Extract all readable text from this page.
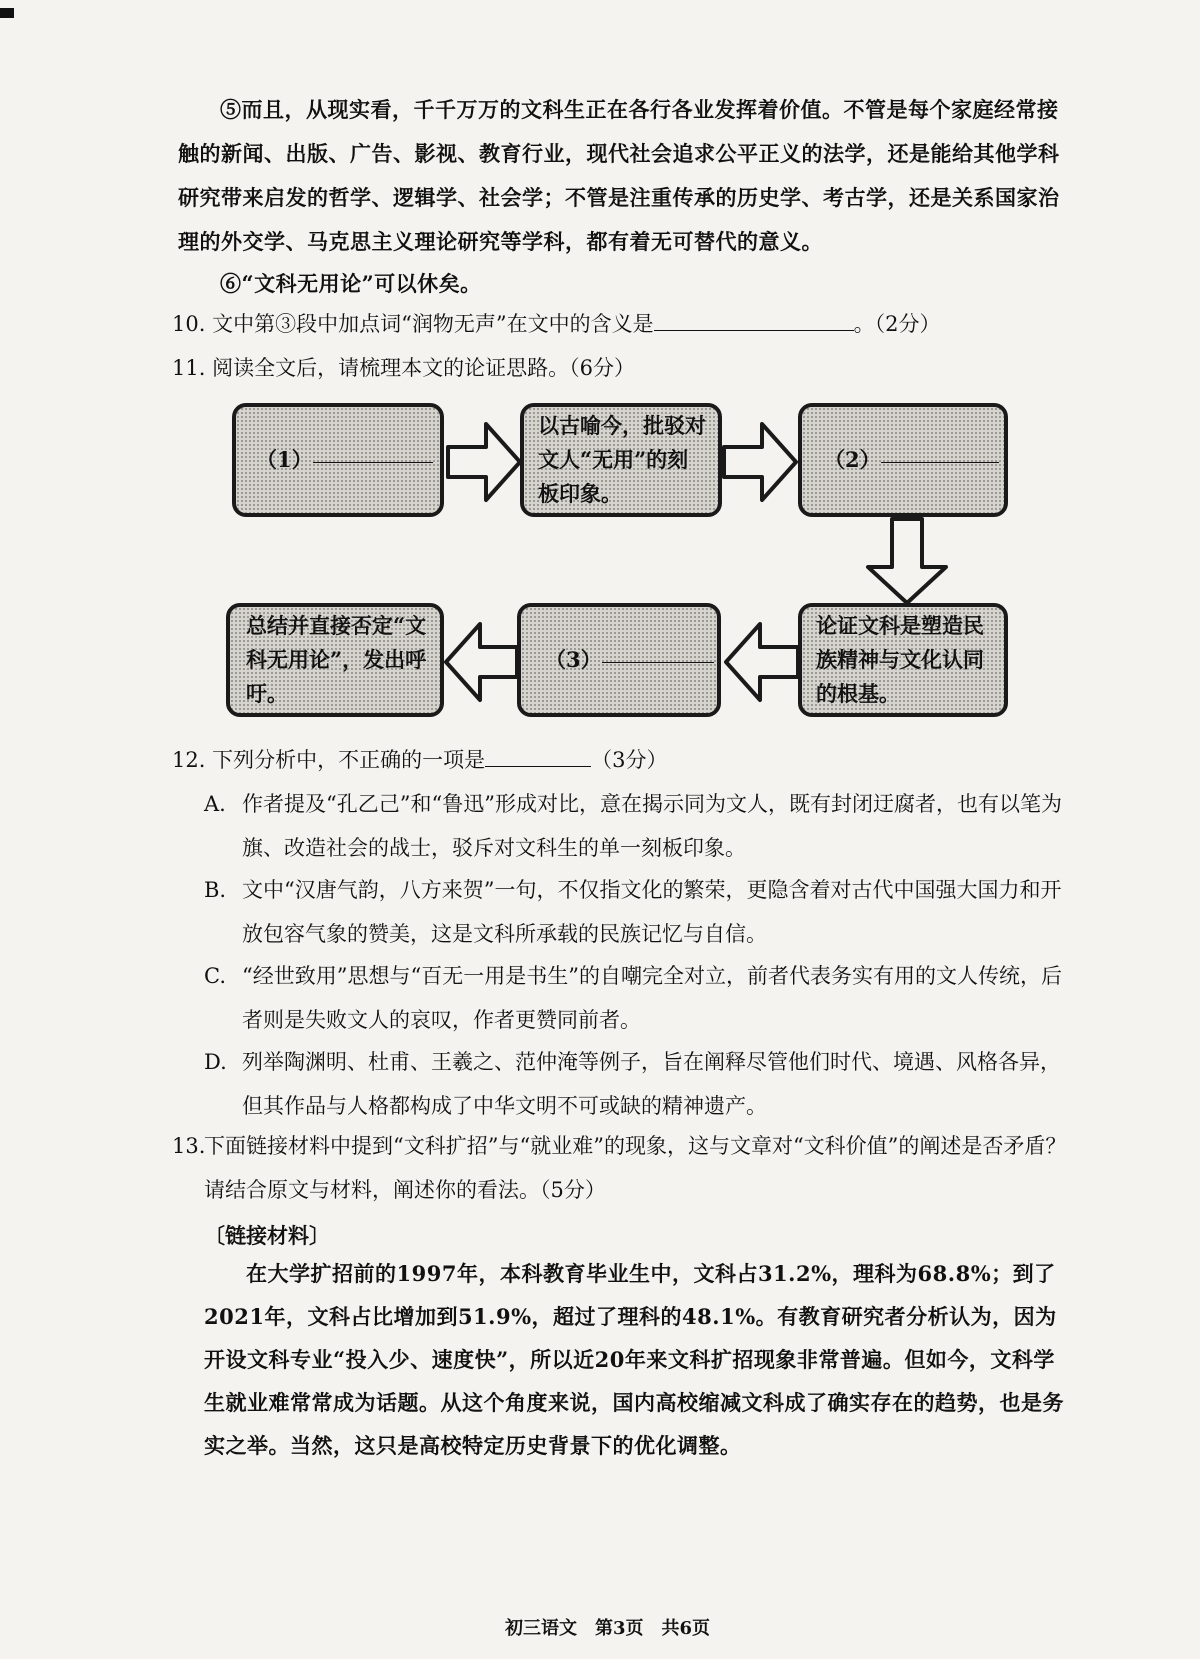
⑤而且，从现实看，千千万万的文科生正在各行各业发挥着价值。不管是每个家庭经常接触的新闻、出版、广告、影视、教育行业，现代社会追求公平正义的法学，还是能给其他学科研究带来启发的哲学、逻辑学、社会学；不管是注重传承的历史学、考古学，还是关系国家治理的外交学、马克思主义理论研究等学科，都有着无可替代的意义。
⑥“文科无用论”可以休矣。
10. 文中第③段中加点词“润物无声”在文中的含义是	。（2分）
11. 阅读全文后，请梳理本文的论证思路。（6分）
（1）
以古喻今，批驳对文人“无用”的刻板印象。
（2）
论证文科是塑造民族精神与文化认同的根基。
（3）
总结并直接否定“文科无用论”，发出呼吁。
12. 下列分析中，不正确的一项是	（3分）
A. 作者提及“孔乙己”和“鲁迅”形成对比，意在揭示同为文人，既有封闭迂腐者，也有以笔为旗、改造社会的战士，驳斥对文科生的单一刻板印象。
B. 文中“汉唐气韵，八方来贺”一句，不仅指文化的繁荣，更隐含着对古代中国强大国力和开放包容气象的赞美，这是文科所承载的民族记忆与自信。
C. “经世致用”思想与“百无一用是书生”的自嘲完全对立，前者代表务实有用的文人传统，后者则是失败文人的哀叹，作者更赞同前者。
D. 列举陶渊明、杜甫、王羲之、范仲淹等例子，旨在阐释尽管他们时代、境遇、风格各异，但其作品与人格都构成了中华文明不可或缺的精神遗产。
13.
下面链接材料中提到“文科扩招”与“就业难”的现象，这与文章对“文科价值”的阐述是否矛盾？请结合原文与材料，阐述你的看法。（5分）
〔链接材料〕
在大学扩招前的1997年，本科教育毕业生中，文科占31.2%，理科为68.8%；到了2021年，文科占比增加到51.9%，超过了理科的48.1%。有教育研究者分析认为，因为开设文科专业“投入少、速度快”，所以近20年来文科扩招现象非常普遍。但如今，文科学生就业难常常成为话题。从这个角度来说，国内高校缩减文科成了确实存在的趋势，也是务实之举。当然，这只是高校特定历史背景下的优化调整。
初三语文　第3页　共6页
